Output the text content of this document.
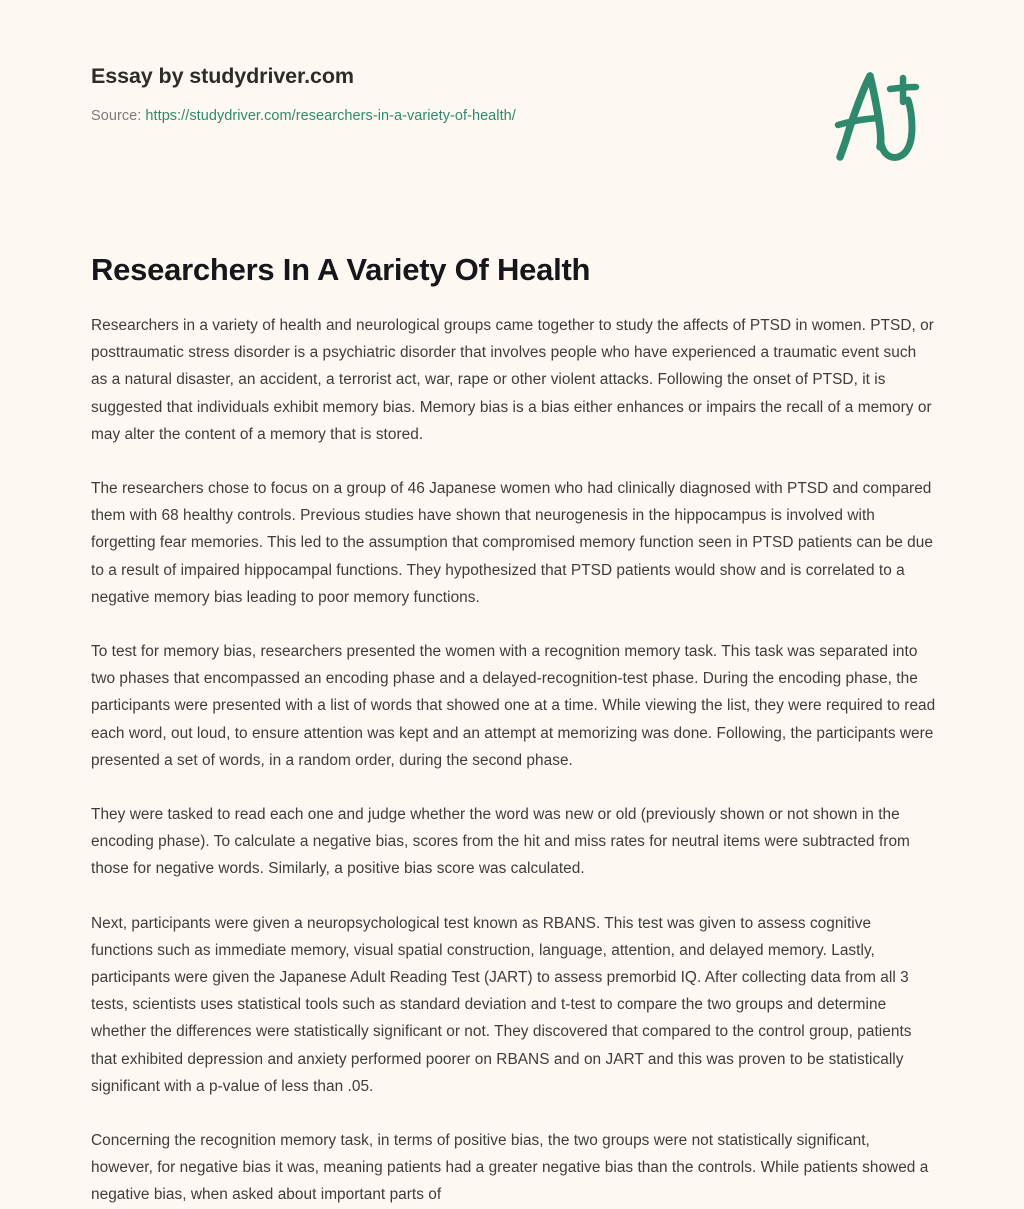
Essay by studydriver.com
Source: https://studydriver.com/researchers-in-a-variety-of-health/
Researchers In A Variety Of Health

Researchers in a variety of health and neurological groups came together to study the affects of PTSD in women. PTSD, or posttraumatic stress disorder is a psychiatric disorder that involves people who have experienced a traumatic event such as a natural disaster, an accident, a terrorist act, war, rape or other violent attacks. Following the onset of PTSD, it is suggested that individuals exhibit memory bias. Memory bias is a bias either enhances or impairs the recall of a memory or may alter the content of a memory that is stored.

The researchers chose to focus on a group of 46 Japanese women who had clinically diagnosed with PTSD and compared them with 68 healthy controls. Previous studies have shown that neurogenesis in the hippocampus is involved with forgetting fear memories. This led to the assumption that compromised memory function seen in PTSD patients can be due to a result of impaired hippocampal functions. They hypothesized that PTSD patients would show and is correlated to a negative memory bias leading to poor memory functions.

To test for memory bias, researchers presented the women with a recognition memory task. This task was separated into two phases that encompassed an encoding phase and a delayed-recognition-test phase. During the encoding phase, the participants were presented with a list of words that showed one at a time. While viewing the list, they were required to read each word, out loud, to ensure attention was kept and an attempt at memorizing was done. Following, the participants were presented a set of words, in a random order, during the second phase.

They were tasked to read each one and judge whether the word was new or old (previously shown or not shown in the encoding phase). To calculate a negative bias, scores from the hit and miss rates for neutral items were subtracted from those for negative words. Similarly, a positive bias score was calculated.

Next, participants were given a neuropsychological test known as RBANS. This test was given to assess cognitive functions such as immediate memory, visual spatial construction, language, attention, and delayed memory. Lastly, participants were given the Japanese Adult Reading Test (JART) to assess premorbid IQ. After collecting data from all 3 tests, scientists uses statistical tools such as standard deviation and t-test to compare the two groups and determine whether the differences were statistically significant or not. They discovered that compared to the control group, patients that exhibited depression and anxiety performed poorer on RBANS and on JART and this was proven to be statistically significant with a p-value of less than .05.

Concerning the recognition memory task, in terms of positive bias, the two groups were not statistically significant, however, for negative bias it was, meaning patients had a greater negative bias than the controls. While patients showed a negative bias, when asked about important parts of
